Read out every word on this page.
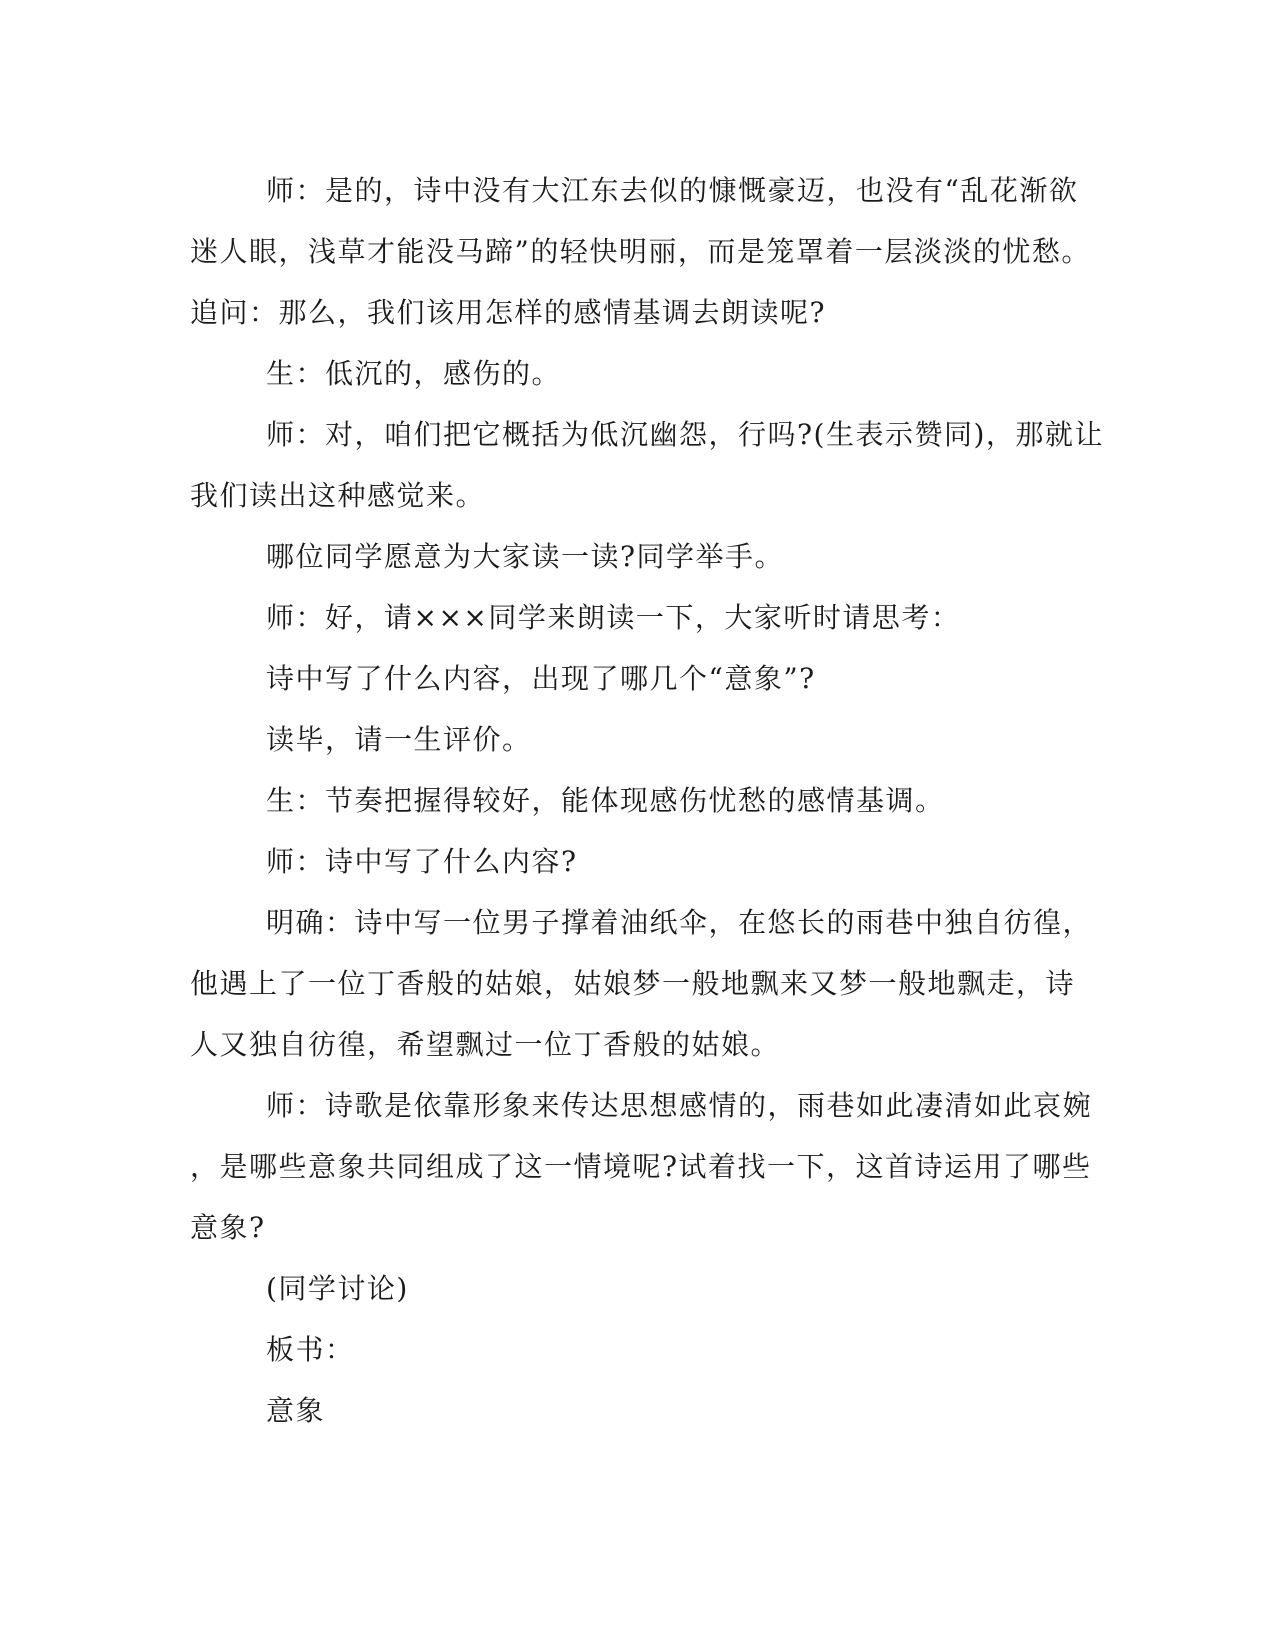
师：是的，诗中没有大江东去似的慷慨豪迈，也没有“乱花渐欲
迷人眼，浅草才能没马蹄”的轻快明丽，而是笼罩着一层淡淡的忧愁。
追问：那么，我们该用怎样的感情基调去朗读呢?
生：低沉的，感伤的。
师：对，咱们把它概括为低沉幽怨，行吗?(生表示赞同)，那就让
我们读出这种感觉来。
哪位同学愿意为大家读一读?同学举手。
师：好，请×××同学来朗读一下，大家听时请思考：
诗中写了什么内容，出现了哪几个“意象”?
读毕，请一生评价。
生：节奏把握得较好，能体现感伤忧愁的感情基调。
师：诗中写了什么内容?
明确：诗中写一位男子撑着油纸伞，在悠长的雨巷中独自彷徨，
他遇上了一位丁香般的姑娘，姑娘梦一般地飘来又梦一般地飘走，诗
人又独自彷徨，希望飘过一位丁香般的姑娘。
师：诗歌是依靠形象来传达思想感情的，雨巷如此凄清如此哀婉
，是哪些意象共同组成了这一情境呢?试着找一下，这首诗运用了哪些
意象?
(同学讨论)
板书：
意象
